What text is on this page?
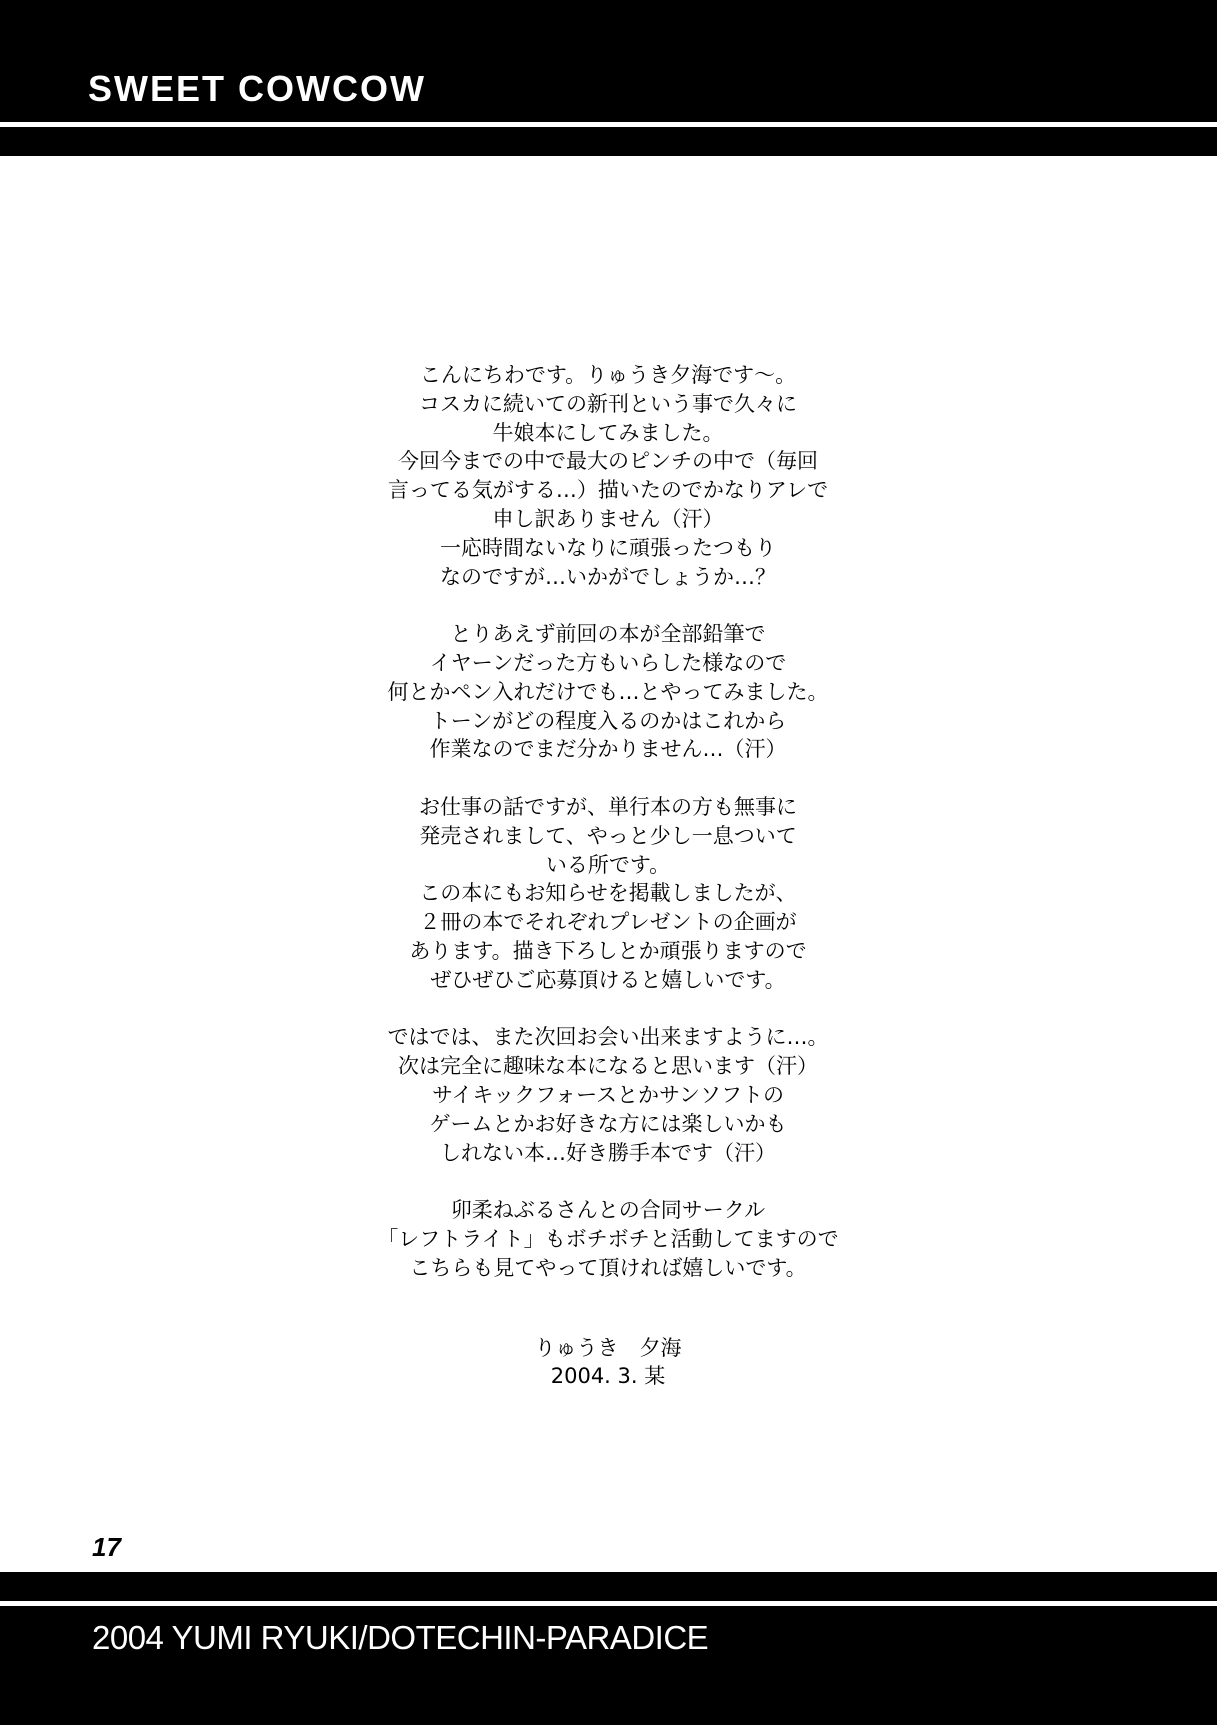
SWEET COWCOW
こんにちわです。りゅうき夕海です～。
コスカに続いての新刊という事で久々に
牛娘本にしてみました。
今回今までの中で最大のピンチの中で（毎回
言ってる気がする…）描いたのでかなりアレで
申し訳ありません（汗）
一応時間ないなりに頑張ったつもり
なのですが…いかがでしょうか…？
とりあえず前回の本が全部鉛筆で
イヤーンだった方もいらした様なので
何とかペン入れだけでも…とやってみました。
トーンがどの程度入るのかはこれから
作業なのでまだ分かりません…（汗）
お仕事の話ですが、単行本の方も無事に
発売されまして、やっと少し一息ついて
いる所です。
この本にもお知らせを掲載しましたが、
２冊の本でそれぞれプレゼントの企画が
あります。描き下ろしとか頑張りますので
ぜひぜひご応募頂けると嬉しいです。
ではでは、また次回お会い出来ますように…。
次は完全に趣味な本になると思います（汗）
サイキックフォースとかサンソフトの
ゲームとかお好きな方には楽しいかも
しれない本…好き勝手本です（汗）
卯柔ねぶるさんとの合同サークル
「レフトライト」もボチボチと活動してますので
こちらも見てやって頂ければ嬉しいです。
りゅうき　夕海
2004. 3. 某
17
2004 YUMI RYUKI/DOTECHIN-PARADICE
